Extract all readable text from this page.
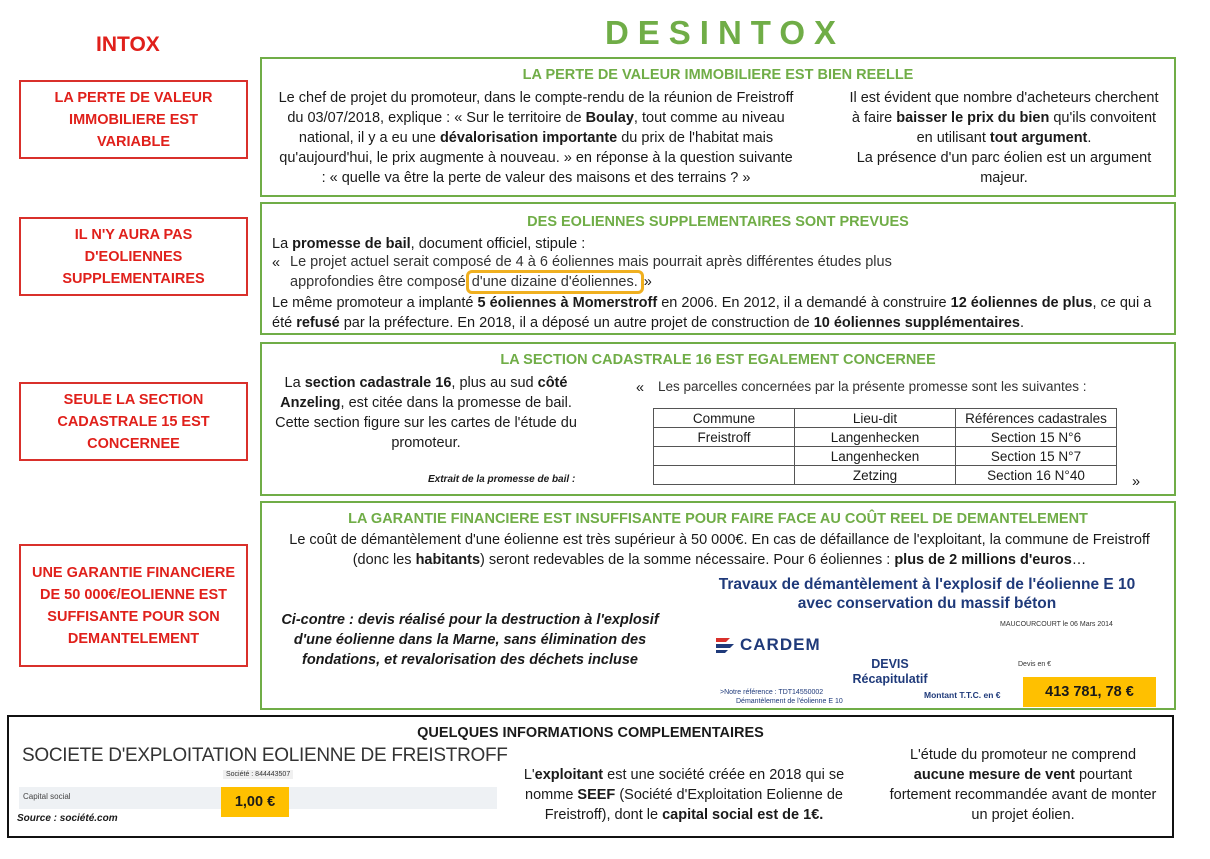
INTOX	DESINTOX
LA PERTE DE VALEUR IMMOBILIERE EST VARIABLE
IL N'Y AURA PAS D'EOLIENNES SUPPLEMENTAIRES
SEULE LA SECTION CADASTRALE 15 EST CONCERNEE
UNE GARANTIE FINANCIERE DE 50 000€/EOLIENNE EST SUFFISANTE POUR SON DEMANTELEMENT
LA PERTE DE VALEUR IMMOBILIERE EST BIEN REELLE
Le chef de projet du promoteur, dans le compte-rendu de la réunion de Freistroff du 03/07/2018, explique : « Sur le territoire de Boulay, tout comme au niveau national, il y a eu une dévalorisation importante du prix de l'habitat mais qu'aujourd'hui, le prix augmente à nouveau. » en réponse à la question suivante : « quelle va être la perte de valeur des maisons et des terrains ? »
Il est évident que nombre d'acheteurs cherchent à faire baisser le prix du bien qu'ils convoitent en utilisant tout argument.
La présence d'un parc éolien est un argument majeur.
DES EOLIENNES SUPPLEMENTAIRES SONT PREVUES
La promesse de bail, document officiel, stipule :
« Le projet actuel serait composé de 4 à 6 éoliennes mais pourrait après différentes études plus
approfondies être composé d'une dizaine d'éoliennes. »
Le même promoteur a implanté 5 éoliennes à Momerstroff en 2006. En 2012, il a demandé à construire 12 éoliennes de plus, ce qui a été refusé par la préfecture. En 2018, il a déposé un autre projet de construction de 10 éoliennes supplémentaires.
LA SECTION CADASTRALE 16 EST EGALEMENT CONCERNEE
La section cadastrale 16, plus au sud côté Anzeling, est citée dans la promesse de bail. Cette section figure sur les cartes de l'étude du promoteur.
Extrait de la promesse de bail :
« Les parcelles concernées par la présente promesse sont les suivantes :
Commune	Lieu-dit	Références cadastrales
Freistroff	Langenhecken	Section 15 N°6
	Langenhecken	Section 15 N°7
	Zetzing	Section 16 N°40	»
LA GARANTIE FINANCIERE EST INSUFFISANTE POUR FAIRE FACE AU COÛT REEL DE DEMANTELEMENT
Le coût de démantèlement d'une éolienne est très supérieur à 50 000€. En cas de défaillance de l'exploitant, la commune de Freistroff (donc les habitants) seront redevables de la somme nécessaire. Pour 6 éoliennes : plus de 2 millions d'euros…
Ci-contre : devis réalisé pour la destruction à l'explosif d'une éolienne dans la Marne, sans élimination des fondations, et revalorisation des déchets incluse
Travaux de démantèlement à l'explosif de l'éolienne E 10
avec conservation du massif béton
MAUCOURCOURT le 06 Mars 2014
CARDEM
DEVIS
Récapitulatif
Devis en €
>Notre référence : TDT14550002
Démantèlement de l'éolienne E 10
Montant T.T.C. en €	413 781, 78 €
QUELQUES INFORMATIONS COMPLEMENTAIRES
SOCIETE D'EXPLOITATION EOLIENNE DE FREISTROFF
Société : 844443507
Capital social	1,00 €
Source : société.com
L'exploitant est une société créée en 2018 qui se nomme SEEF (Société d'Exploitation Eolienne de Freistroff), dont le capital social est de 1€.
L'étude du promoteur ne comprend aucune mesure de vent pourtant fortement recommandée avant de monter un projet éolien.
